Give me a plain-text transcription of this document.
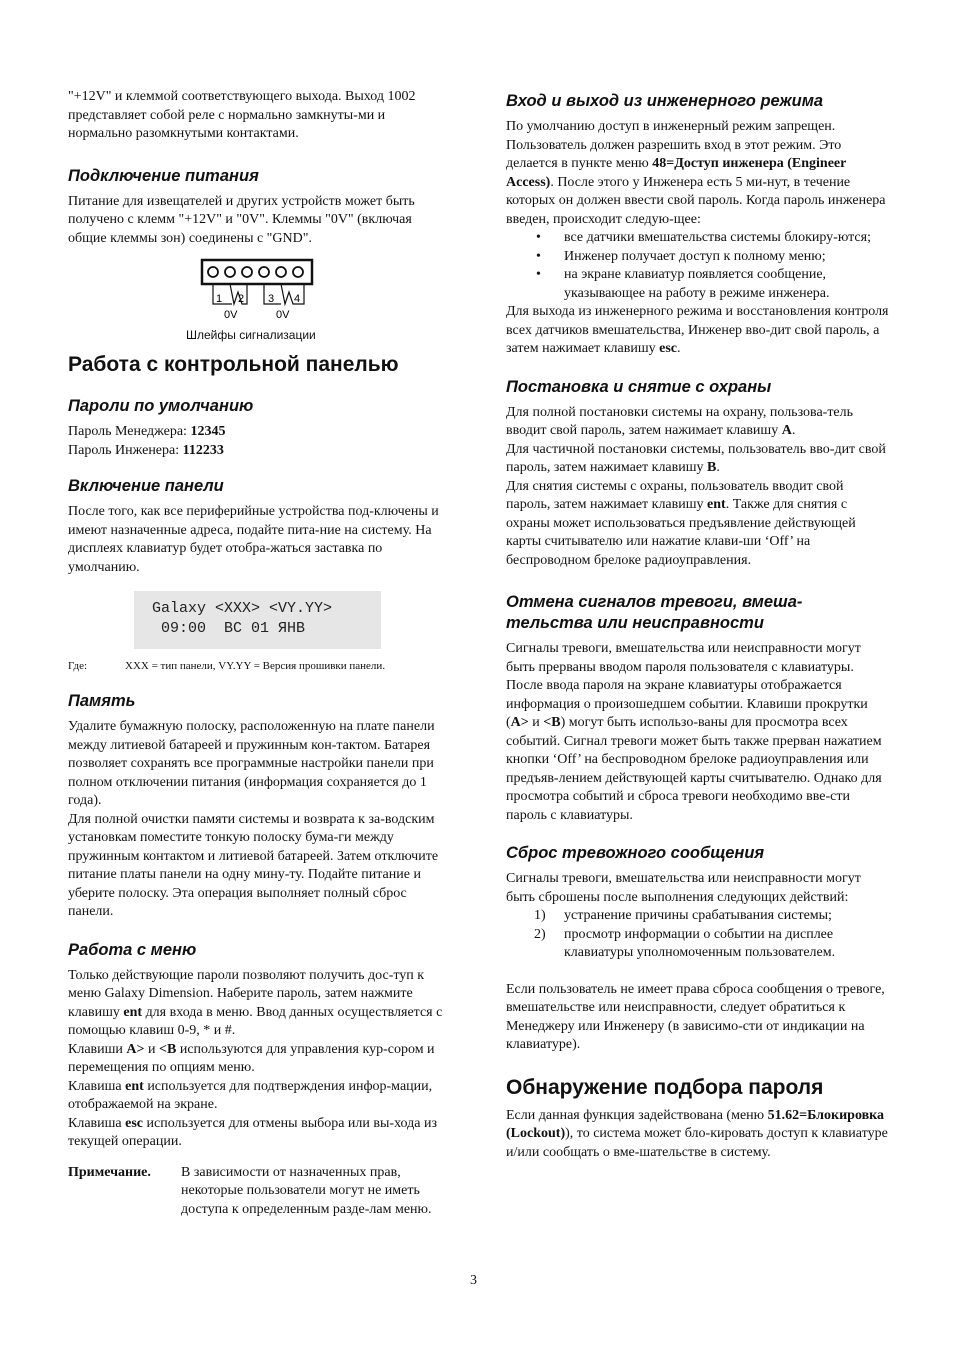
"+12V" и клеммой соответствующего выхода. Выход 1002 представляет собой реле с нормально замкнуты-ми и нормально разомкнутыми контактами.

Подключение питания

Питание для извещателей и других устройств может быть получено с клемм "+12V" и "0V". Клеммы "0V" (включая общие клеммы зон) соединены с "GND".

1 2 3 4
0V	0V
Шлейфы сигнализации
Работа с контрольной панелью
Пароли по умолчанию

Пароль Менеджера: 12345

Пароль Инженера: 112233

Включение панели

После того, как все периферийные устройства под-ключены и имеют назначенные адреса, подайте пита-ние на систему. На дисплеях клавиатур будет отобра-жаться заставка по умолчанию.

Galaxy <XXX> <VY.YY>
09:00  ВС 01 ЯНВ
Где:	XXX = тип панели, VY.YY = Версия прошивки панели.
Память

Удалите бумажную полоску, расположенную на плате панели между литиевой батареей и пружинным кон-тактом. Батарея позволяет сохранять все программные настройки панели при полном отключении питания (информация сохраняется до 1 года).

Для полной очистки памяти системы и возврата к за-водским установкам поместите тонкую полоску бума-ги между пружинным контактом и литиевой батареей. Затем отключите питание платы панели на одну мину-ту. Подайте питание и уберите полоску. Эта операция выполняет полный сброс панели.

Работа с меню

Только действующие пароли позволяют получить дос-туп к меню Galaxy Dimension. Наберите пароль, затем нажмите клавишу ent для входа в меню. Ввод данных осуществляется с помощью клавиш 0-9, * и #.

Клавиши A> и <B используются для управления кур-сором и перемещения по опциям меню.

Клавиша ent используется для подтверждения инфор-мации, отображаемой на экране.

Клавиша esc используется для отмены выбора или вы-хода из текущей операции.

Примечание.	В зависимости от назначенных прав, некоторые пользователи могут не иметь доступа к определенным разде-лам меню.

Вход и выход из инженерного режима

По умолчанию доступ в инженерный режим запрещен. Пользователь должен разрешить вход в этот режим. Это делается в пункте меню 48=Доступ инженера (Engineer Access). После этого у Инженера есть 5 ми-нут, в течение которых он должен ввести свой пароль. Когда пароль инженера введен, происходит следую-щее:

• все датчики вмешательства системы блокиру-ются;
• Инженер получает доступ к полному меню;
• на экране клавиатур появляется сообщение, указывающее на работу в режиме инженера.

Для выхода из инженерного режима и восстановления контроля всех датчиков вмешательства, Инженер вво-дит свой пароль, а затем нажимает клавишу esc.

Постановка и снятие с охраны

Для полной постановки системы на охрану, пользова-тель вводит свой пароль, затем нажимает клавишу A.

Для частичной постановки системы, пользователь вво-дит свой пароль, затем нажимает клавишу B.

Для снятия системы с охраны, пользователь вводит свой пароль, затем нажимает клавишу ent. Также для снятия с охраны может использоваться предъявление действующей карты считывателю или нажатие клави-ши ‘Off’ на беспроводном брелоке радиоуправления.

Отмена сигналов тревоги, вмеша-тельства или неисправности

Сигналы тревоги, вмешательства или неисправности могут быть прерваны вводом пароля пользователя с клавиатуры. После ввода пароля на экране клавиатуры отображается информация о произошедшем событии. Клавиши прокрутки (A> и <B) могут быть использо-ваны для просмотра всех событий. Сигнал тревоги может быть также прерван нажатием кнопки ‘Off’ на беспроводном брелоке радиоуправления или предъяв-лением действующей карты считывателю. Однако для просмотра событий и сброса тревоги необходимо вве-сти пароль с клавиатуры.

Сброс тревожного сообщения

Сигналы тревоги, вмешательства или неисправности могут быть сброшены после выполнения следующих действий:

1) устранение причины срабатывания системы;
2) просмотр информации о событии на дисплее клавиатуры уполномоченным пользователем.

Если пользователь не имеет права сброса сообщения о тревоге, вмешательстве или неисправности, следует обратиться к Менеджеру или Инженеру (в зависимо-сти от индикации на клавиатуре).

Обнаружение подбора пароля

Если данная функция задействована (меню 51.62=Блокировка (Lockout)), то система может бло-кировать доступ к клавиатуре и/или сообщать о вме-шательстве в систему.

3
